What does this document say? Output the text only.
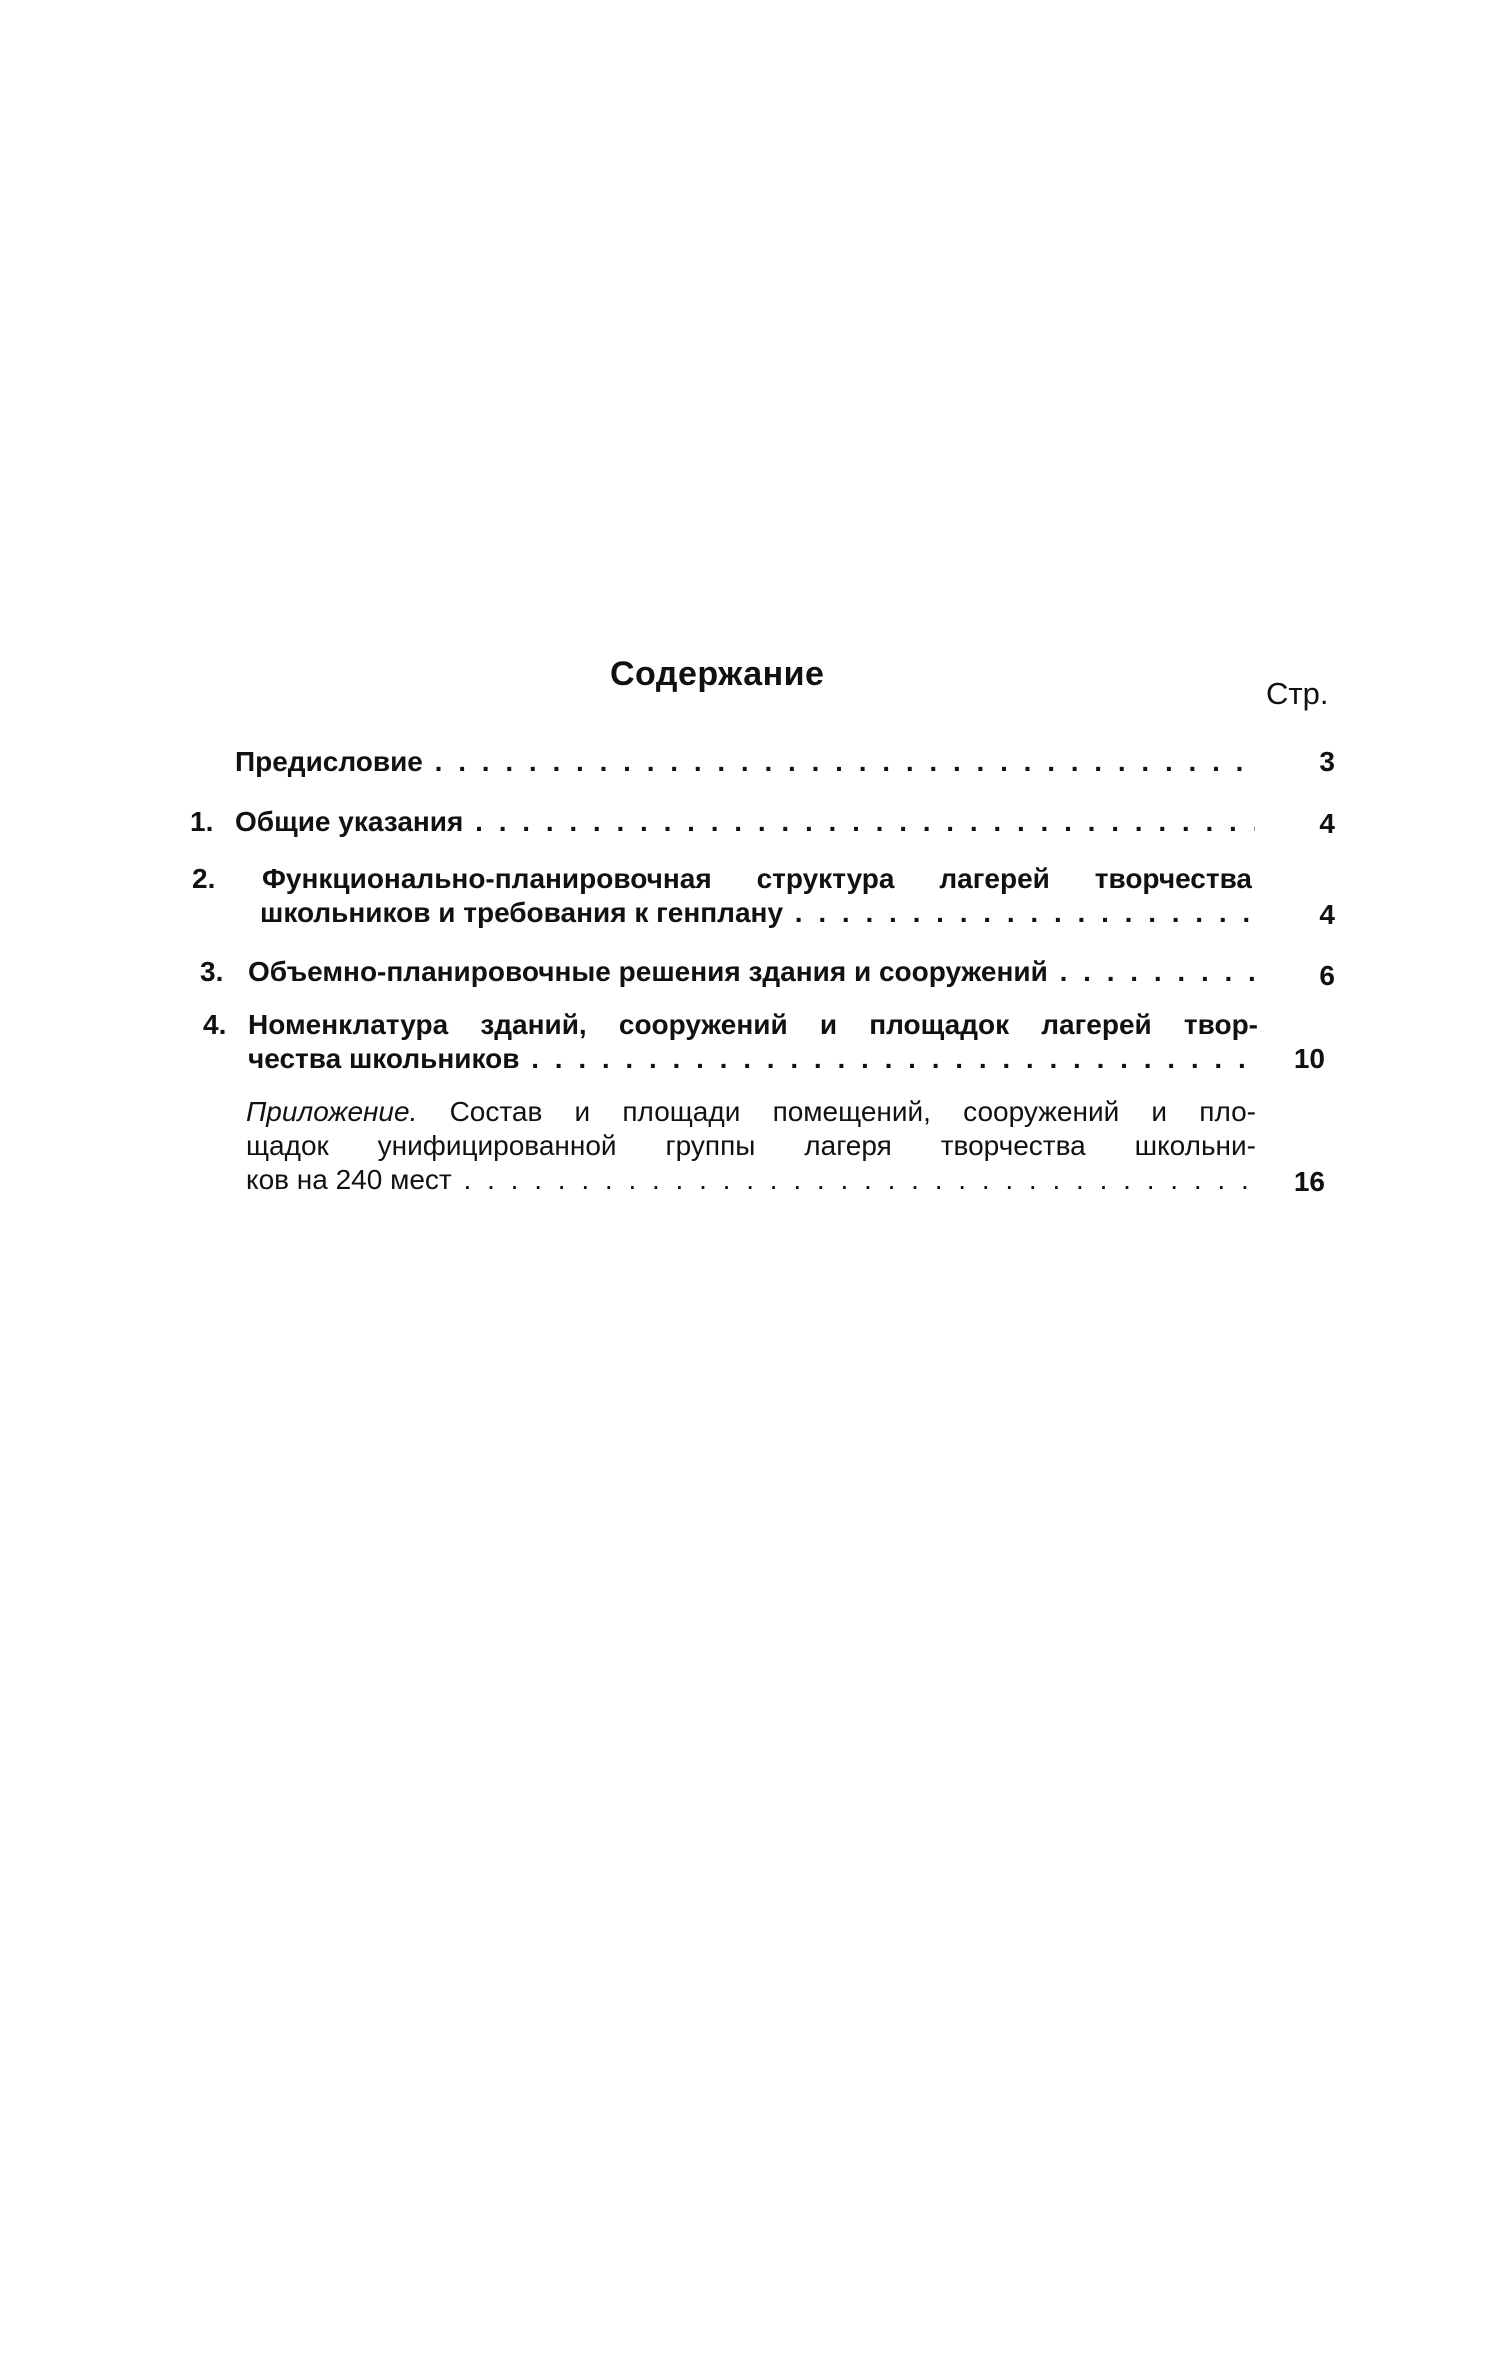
Содержание
Стр.
Предисловие . . .	3
1. Общие указания . . .	4
2. Функционально-планировочная структура лагерей творчества
школьников и требования к генплану . . .	4
3. Объемно-планировочные решения здания и сооружений . . .	6
4. Номенклатура зданий, сооружений и площадок лагерей твор-
чества школьников . . .	10
Приложение. Состав и площади помещений, сооружений и пло-
щадок унифицированной группы лагеря творчества школьни-
ков на 240 мест . . .	16
